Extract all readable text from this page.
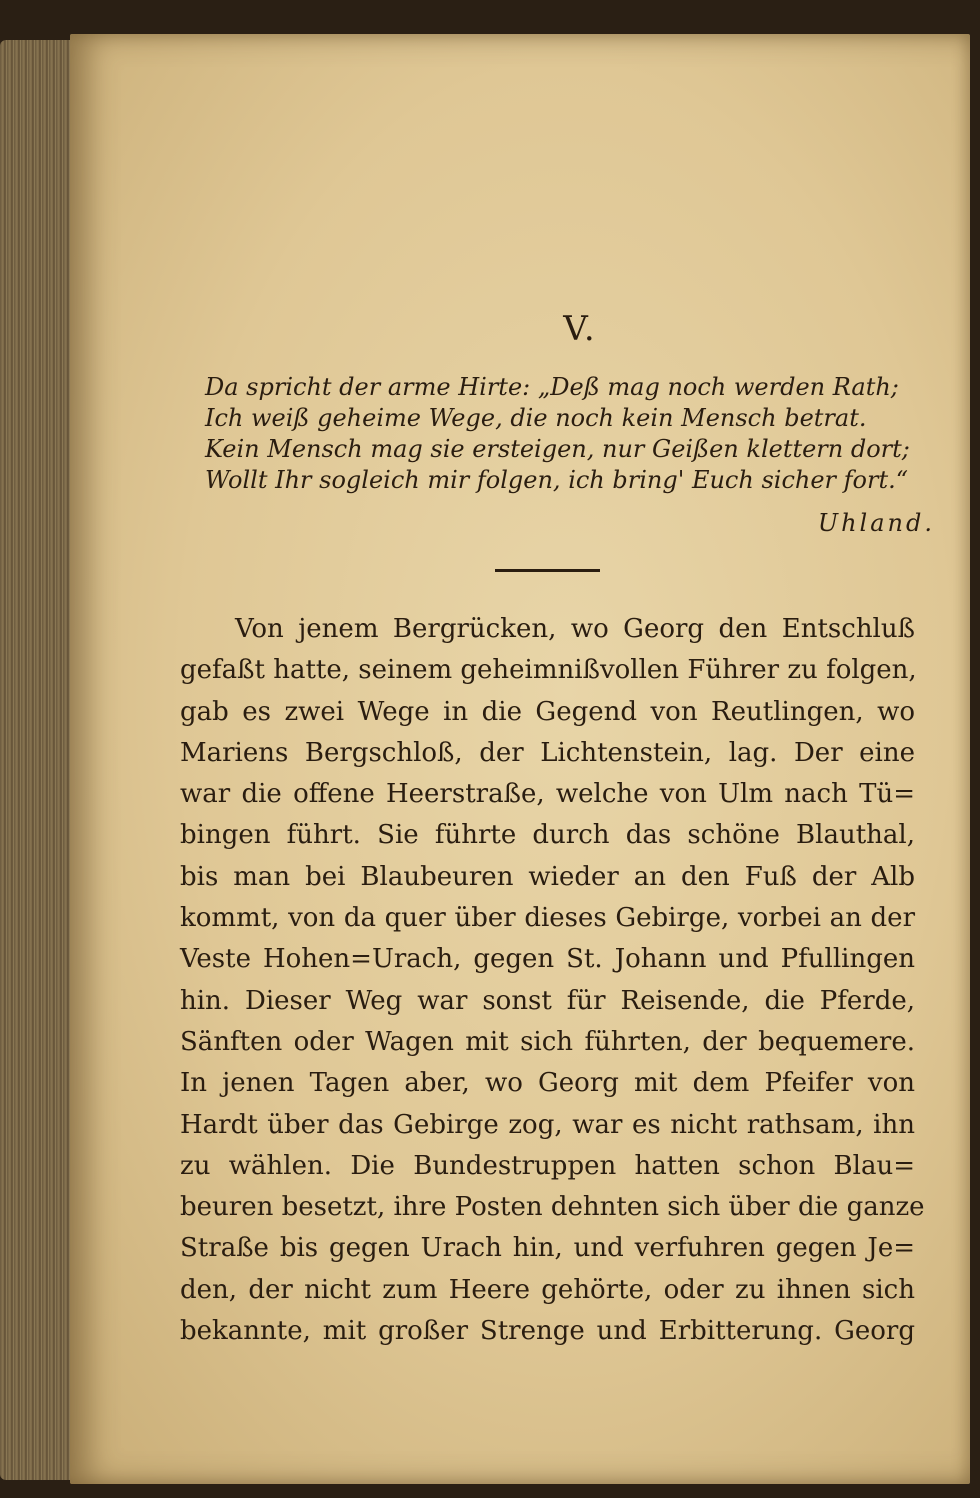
V.
Da spricht der arme Hirte: „Deß mag noch werden Rath;
Ich weiß geheime Wege, die noch kein Mensch betrat.
Kein Mensch mag sie ersteigen, nur Geißen klettern dort;
Wollt Ihr sogleich mir folgen, ich bring' Euch sicher fort.“
Uhland.
Von jenem Bergrücken, wo Georg den Entschluß
gefaßt hatte, seinem geheimnißvollen Führer zu folgen,
gab es zwei Wege in die Gegend von Reutlingen, wo
Mariens Bergschloß, der Lichtenstein, lag. Der eine
war die offene Heerstraße, welche von Ulm nach Tü=
bingen führt. Sie führte durch das schöne Blauthal,
bis man bei Blaubeuren wieder an den Fuß der Alb
kommt, von da quer über dieses Gebirge, vorbei an der
Veste Hohen=Urach, gegen St. Johann und Pfullingen
hin. Dieser Weg war sonst für Reisende, die Pferde,
Sänften oder Wagen mit sich führten, der bequemere.
In jenen Tagen aber, wo Georg mit dem Pfeifer von
Hardt über das Gebirge zog, war es nicht rathsam, ihn
zu wählen. Die Bundestruppen hatten schon Blau=
beuren besetzt, ihre Posten dehnten sich über die ganze
Straße bis gegen Urach hin, und verfuhren gegen Je=
den, der nicht zum Heere gehörte, oder zu ihnen sich
bekannte, mit großer Strenge und Erbitterung. Georg
